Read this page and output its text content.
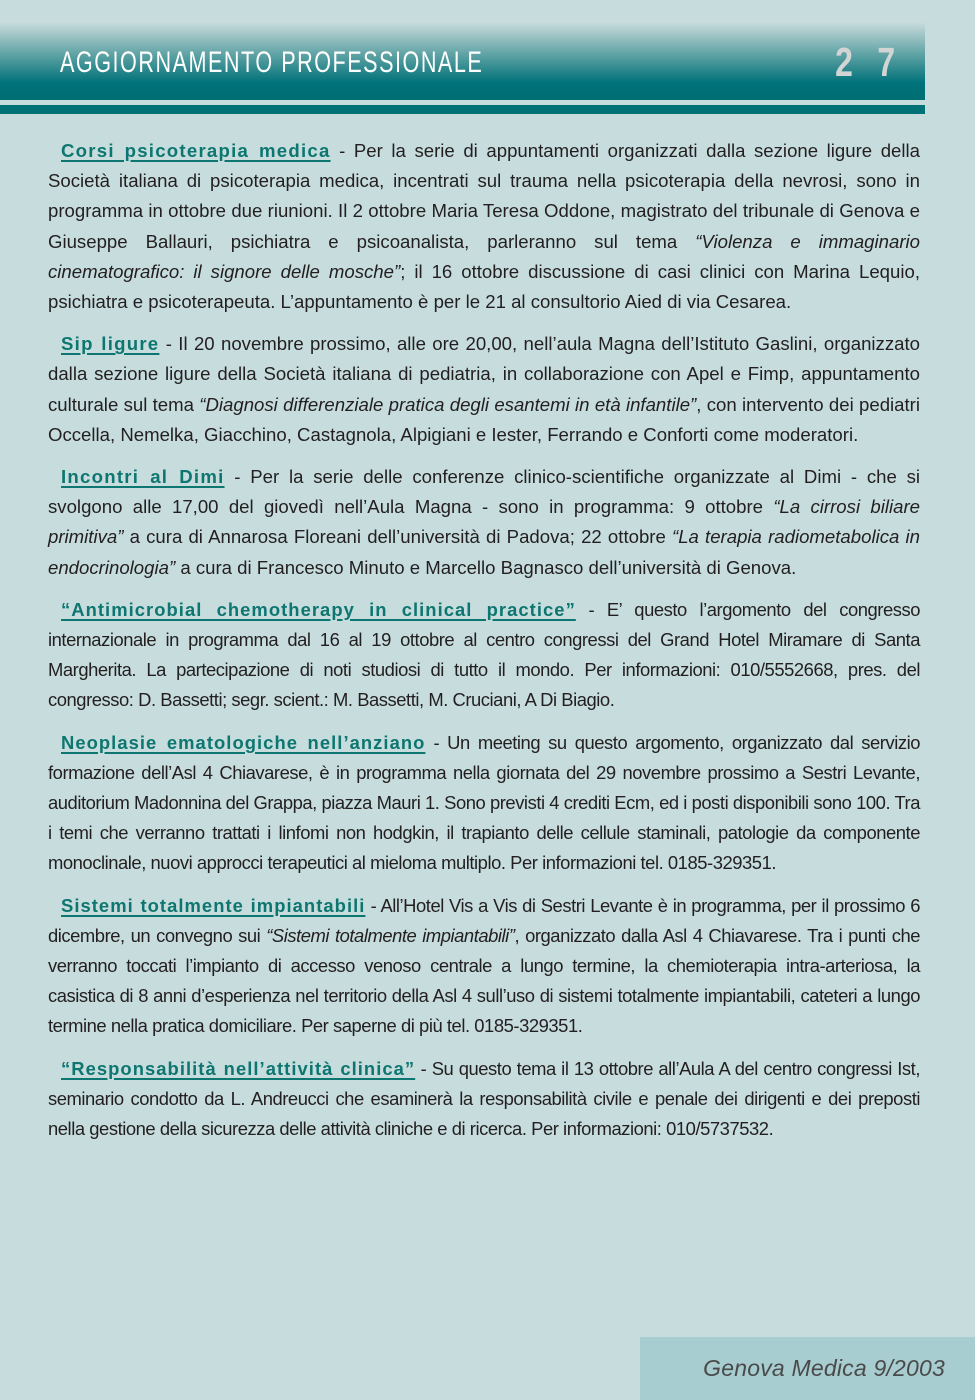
AGGIORNAMENTO PROFESSIONALE	2 7

Corsi psicoterapia medica - Per la serie di appuntamenti organizzati dalla sezione ligure della Società italiana di psicoterapia medica, incentrati sul trauma nella psicoterapia della nevrosi, sono in programma in ottobre due riunioni. Il 2 ottobre Maria Teresa Oddone, magistrato del tribunale di Genova e Giuseppe Ballauri, psichiatra e psicoanalista, parleranno sul tema “Violenza e immaginario cinematografico: il signore delle mosche”; il 16 ottobre discussione di casi clinici con Marina Lequio, psichiatra e psicoterapeuta. L’appuntamento è per le 21 al consultorio Aied di via Cesarea.

Sip ligure - Il 20 novembre prossimo, alle ore 20,00, nell’aula Magna dell’Istituto Gaslini, organizzato dalla sezione ligure della Società italiana di pediatria, in collaborazione con Apel e Fimp, appuntamento culturale sul tema “Diagnosi differenziale pratica degli esantemi in età infantile”, con intervento dei pediatri Occella, Nemelka, Giacchino, Castagnola, Alpigiani e Iester, Ferrando e Conforti come moderatori.

Incontri al Dimi - Per la serie delle conferenze clinico-scientifiche organizzate al Dimi - che si svolgono alle 17,00 del giovedì nell’Aula Magna - sono in programma: 9 ottobre “La cirrosi biliare primitiva” a cura di Annarosa Floreani dell’università di Padova; 22 ottobre “La terapia radiometabolica in endocrinologia” a cura di Francesco Minuto e Marcello Bagnasco dell’università di Genova.

“Antimicrobial chemotherapy in clinical practice” - E’ questo l’argomento del congresso internazionale in programma dal 16 al 19 ottobre al centro congressi del Grand Hotel Miramare di Santa Margherita. La partecipazione di noti studiosi di tutto il mondo. Per informazioni: 010/5552668, pres. del congresso: D. Bassetti; segr. scient.: M. Bassetti, M. Cruciani, A Di Biagio.

Neoplasie ematologiche nell’anziano - Un meeting su questo argomento, organizzato dal servizio formazione dell’Asl 4 Chiavarese, è in programma nella giornata del 29 novembre prossimo a Sestri Levante, auditorium Madonnina del Grappa, piazza Mauri 1. Sono previsti 4 crediti Ecm, ed i posti disponibili sono 100. Tra i temi che verranno trattati i linfomi non hodgkin, il trapianto delle cellule staminali, patologie da componente monoclinale, nuovi approcci terapeutici al mieloma multiplo. Per informazioni tel. 0185-329351.

Sistemi totalmente impiantabili - All’Hotel Vis a Vis di Sestri Levante è in programma, per il prossimo 6 dicembre, un convegno sui “Sistemi totalmente impiantabili”, organizzato dalla Asl 4 Chiavarese. Tra i punti che verranno toccati l’impianto di accesso venoso centrale a lungo termine, la chemioterapia intra-arteriosa, la casistica di 8 anni d’esperienza nel territorio della Asl 4 sull’uso di sistemi totalmente impiantabili, cateteri a lungo termine nella pratica domiciliare. Per saperne di più tel. 0185-329351.

“Responsabilità nell’attività clinica” - Su questo tema il 13 ottobre all’Aula A del centro congressi Ist, seminario condotto da L. Andreucci che esaminerà la responsabilità civile e penale dei dirigenti e dei preposti nella gestione della sicurezza delle attività cliniche e di ricerca. Per informazioni: 010/5737532.

Genova Medica 9/2003
